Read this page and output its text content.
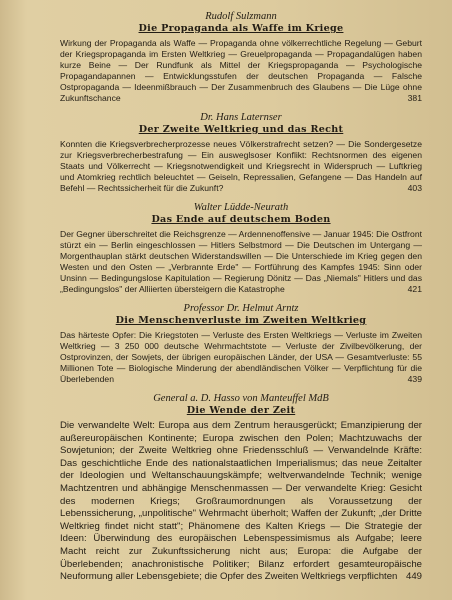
Rudolf Sulzmann

Die Propaganda als Waffe im Kriege

Wirkung der Propaganda als Waffe — Propaganda ohne völkerrechtliche Regelung — Geburt der Kriegspropaganda im Ersten Weltkrieg — Greuelpropaganda — Propagandalügen haben kurze Beine — Der Rundfunk als Mittel der Kriegspropaganda — Psychologische Propagandapannen — Entwicklungsstufen der deutschen Propaganda — Falsche Ostpropaganda — Ideenmißbrauch — Der Zusammenbruch des Glaubens — Die Lüge ohne Zukunftschance	381

Dr. Hans Laternser

Der Zweite Weltkrieg und das Recht

Konnten die Kriegsverbrecherprozesse neues Völkerstrafrecht setzen? — Die Sondergesetze zur Kriegsverbrecherbestrafung — Ein ausweglsoser Konflikt: Rechtsnormen des eigenen Staats und Völkerrecht — Kriegsnotwendigkeit und Kriegsrecht in Widerspruch — Luftkrieg und Atomkrieg rechtlich beleuchtet — Geiseln, Repressalien, Gefangene — Das Handeln auf Befehl — Rechtssicherheit für die Zukunft?	403

Walter Lüdde-Neurath

Das Ende auf deutschem Boden

Der Gegner überschreitet die Reichsgrenze — Ardennenoffensive — Januar 1945: Die Ostfront stürzt ein — Berlin eingeschlossen — Hitlers Selbstmord — Die Deutschen im Untergang — Morgenthauplan stärkt deutschen Widerstandswillen — Die Unterschiede im Krieg gegen den Westen und den Osten — „Verbrannte Erde" — Fortführung des Kampfes 1945: Sinn oder Unsinn — Bedingungslose Kapitulation — Regierung Dönitz — Das „Niemals" Hitlers und das „Bedingungslos" der Alliierten übersteigern die Katastrophe	421

Professor Dr. Helmut Arntz

Die Menschenverluste im Zweiten Weltkrieg

Das härteste Opfer: Die Kriegstoten — Verluste des Ersten Weltkriegs — Verluste im Zweiten Weltkrieg — 3 250 000 deutsche Wehrmachtstote — Verluste der Zivilbevölkerung, der Ostprovinzen, der Sowjets, der übrigen europäischen Länder, der USA — Gesamtverluste: 55 Millionen Tote — Biologische Minderung der abendländischen Völker — Verpflichtung für die Überlebenden	439

General a. D. Hasso von Manteuffel MdB

Die Wende der Zeit

Die verwandelte Welt: Europa aus dem Zentrum herausgerückt; Emanzipierung der außereuropäischen Kontinente; Europa zwischen den Polen; Machtzuwachs der Sowjetunion; der Zweite Weltkrieg ohne Friedensschluß — Verwandelnde Kräfte: Das geschichtliche Ende des nationalstaatlichen Imperialismus; das neue Zeitalter der Ideologien und Weltanschauungskämpfe; weltverwandelnde Technik; wenige Machtzentren und abhängige Menschenmassen — Der verwandelte Krieg: Gesicht des modernen Kriegs; Großraumordnungen als Voraussetzung der Lebenssicherung, „unpolitische" Wehrmacht überholt; Waffen der Zukunft; „der Dritte Weltkrieg findet nicht statt"; Phänomene des Kalten Kriegs — Die Strategie der Ideen: Überwindung des europäischen Lebenspessimismus als Aufgabe; leere Macht reicht zur Zukunftssicherung nicht aus; Europa: die Aufgabe der Überlebenden; anachronistische Politiker; Bilanz erfordert gesamteuropäische Neuformung aller Lebensgebiete; die Opfer des Zweiten Weltkriegs verpflichten 449
